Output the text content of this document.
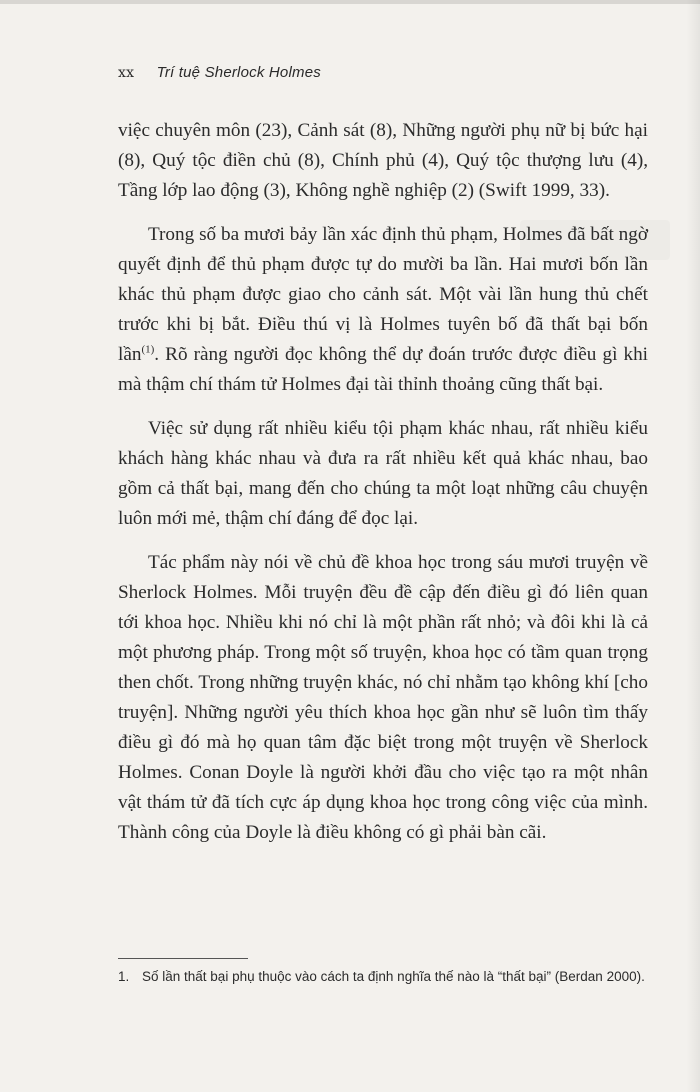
xx Trí tuệ Sherlock Holmes

việc chuyên môn (23), Cảnh sát (8), Những người phụ nữ bị bức hại (8), Quý tộc điền chủ (8), Chính phủ (4), Quý tộc thượng lưu (4), Tầng lớp lao động (3), Không nghề nghiệp (2) (Swift 1999, 33).

Trong số ba mươi bảy lần xác định thủ phạm, Holmes đã bất ngờ quyết định để thủ phạm được tự do mười ba lần. Hai mươi bốn lần khác thủ phạm được giao cho cảnh sát. Một vài lần hung thủ chết trước khi bị bắt. Điều thú vị là Holmes tuyên bố đã thất bại bốn lần$^{(1)}$. Rõ ràng người đọc không thể dự đoán trước được điều gì khi mà thậm chí thám tử Holmes đại tài thỉnh thoảng cũng thất bại.

Việc sử dụng rất nhiều kiểu tội phạm khác nhau, rất nhiều kiểu khách hàng khác nhau và đưa ra rất nhiều kết quả khác nhau, bao gồm cả thất bại, mang đến cho chúng ta một loạt những câu chuyện luôn mới mẻ, thậm chí đáng để đọc lại.

Tác phẩm này nói về chủ đề khoa học trong sáu mươi truyện về Sherlock Holmes. Mỗi truyện đều đề cập đến điều gì đó liên quan tới khoa học. Nhiều khi nó chỉ là một phần rất nhỏ; và đôi khi là cả một phương pháp. Trong một số truyện, khoa học có tầm quan trọng then chốt. Trong những truyện khác, nó chỉ nhằm tạo không khí [cho truyện]. Những người yêu thích khoa học gần như sẽ luôn tìm thấy điều gì đó mà họ quan tâm đặc biệt trong một truyện về Sherlock Holmes. Conan Doyle là người khởi đầu cho việc tạo ra một nhân vật thám tử đã tích cực áp dụng khoa học trong công việc của mình. Thành công của Doyle là điều không có gì phải bàn cãi.

1. Số lần thất bại phụ thuộc vào cách ta định nghĩa thế nào là “thất bại” (Berdan 2000).
